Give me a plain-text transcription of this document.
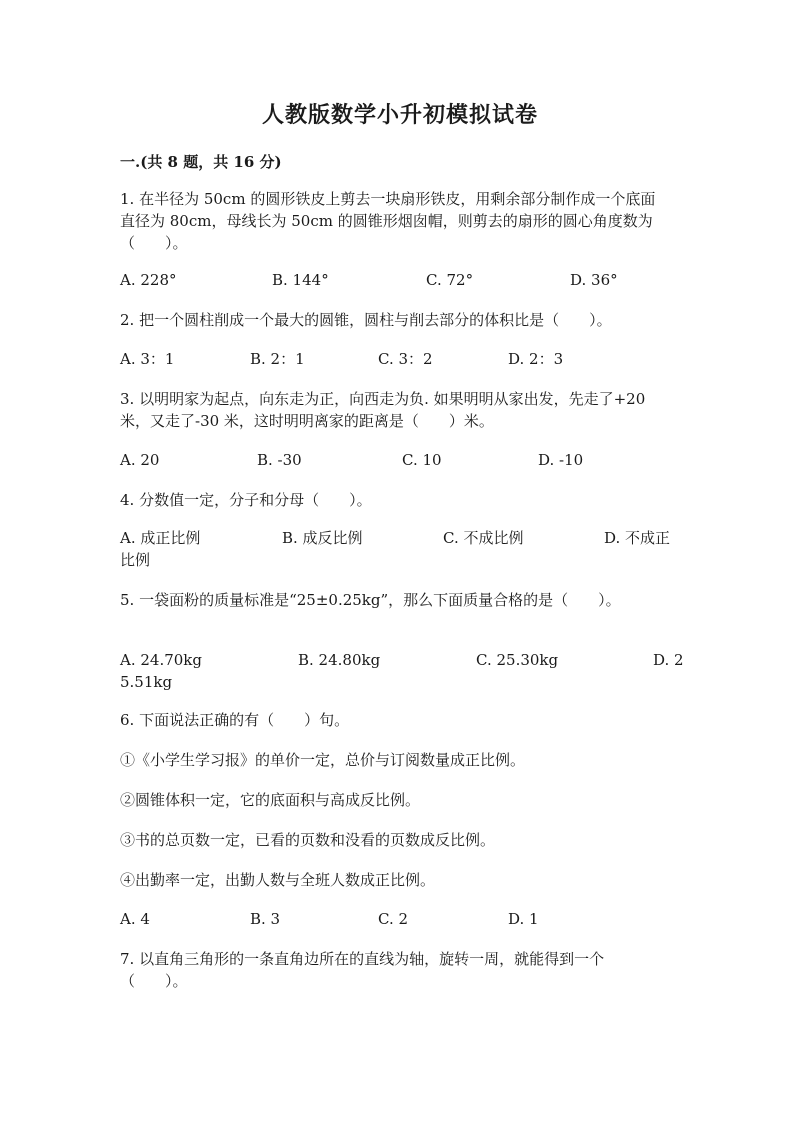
人教版数学小升初模拟试卷
一.(共 8 题，共 16 分)
1. 在半径为 50cm 的圆形铁皮上剪去一块扇形铁皮，用剩余部分制作成一个底面
直径为 80cm，母线长为 50cm 的圆锥形烟囱帽，则剪去的扇形的圆心角度数为
（　　）。
A. 228°	B. 144°	C. 72°	D. 36°
2. 把一个圆柱削成一个最大的圆锥，圆柱与削去部分的体积比是（　　）。
A. 3：1	B. 2：1	C. 3：2	D. 2：3
3. 以明明家为起点，向东走为正，向西走为负. 如果明明从家出发，先走了+20
米，又走了-30 米，这时明明离家的距离是（　　）米。
A. 20	B. -30	C. 10	D. -10
4. 分数值一定，分子和分母（　　）。
A. 成正比例	B. 成反比例	C. 不成比例	D. 不成正
比例
5. 一袋面粉的质量标准是“25±0.25kg”，那么下面质量合格的是（　　）。
A. 24.70kg	B. 24.80kg	C. 25.30kg	D. 2
5.51kg
6. 下面说法正确的有（　　）句。
①《小学生学习报》的单价一定，总价与订阅数量成正比例。
②圆锥体积一定，它的底面积与高成反比例。
③书的总页数一定，已看的页数和没看的页数成反比例。
④出勤率一定，出勤人数与全班人数成正比例。
A. 4	B. 3	C. 2	D. 1
7. 以直角三角形的一条直角边所在的直线为轴，旋转一周，就能得到一个
（　　）。
